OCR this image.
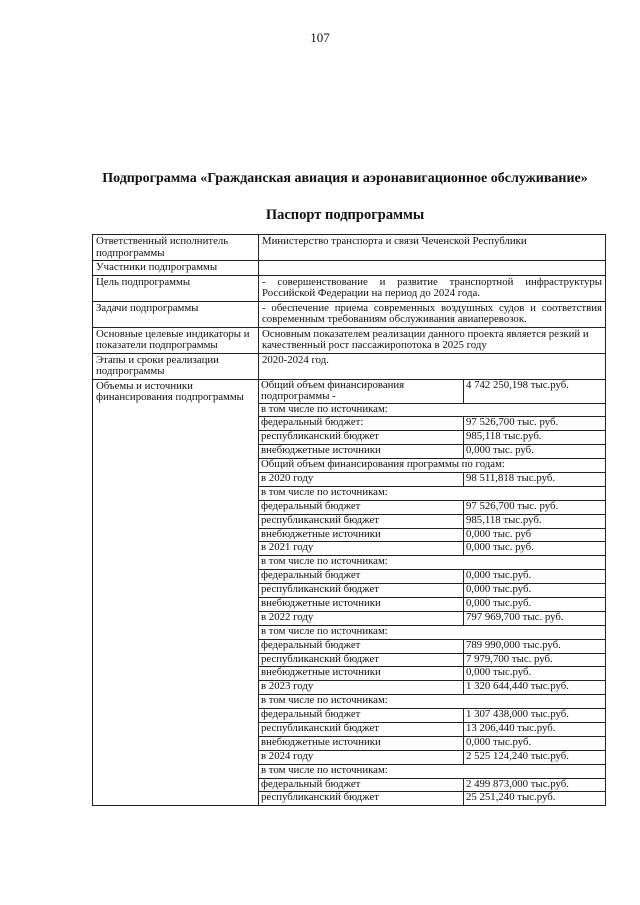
107
Подпрограмма «Гражданская авиация и аэронавигационное обслуживание»
Паспорт подпрограммы
Ответственный исполнитель подпрограммы	Министерство транспорта и связи Чеченской Республики
Участники подпрограммы	
Цель подпрограммы	- совершенствование и развитие транспортной инфраструктуры Российской Федерации на период до 2024 года.
Задачи подпрограммы	- обеспечение приема современных воздушных судов и соответствия современным требованиям обслуживания авиаперевозок.
Основные целевые индикаторы и показатели подпрограммы	Основным показателем реализации данного проекта является резкий и качественный рост пассажиропотока в 2025 году
Этапы и сроки реализации подпрограммы	2020-2024 год.
Объемы и источники финансирования подпрограммы	
Общий объем финансирования подпрограммы -	4 742 250,198 тыс.руб.
в том числе по источникам:
федеральный бюджет:	97 526,700 тыс. руб.
республиканский бюджет	985,118 тыс.руб.
внебюджетные источники	0,000 тыс. руб.
Общий объем финансирования программы по годам:
в 2020 году	98 511,818 тыс.руб.
в том числе по источникам:
федеральный бюджет	97 526,700 тыс. руб.
республиканский бюджет	985,118 тыс.руб.
внебюджетные источники	0,000 тыс. руб
в 2021 году	0,000 тыс. руб.
в том числе по источникам:
федеральный бюджет	0,000 тыс.руб.
республиканский бюджет	0,000 тыс.руб.
внебюджетные источники	0,000 тыс.руб.
в 2022 году	797 969,700 тыс. руб.
в том числе по источникам:
федеральный бюджет	789 990,000 тыс.руб.
республиканский бюджет	7 979,700 тыс. руб.
внебюджетные источники	0,000 тыс.руб.
в 2023 году	1 320 644,440 тыс.руб.
в том числе по источникам:
федеральный бюджет	1 307 438,000 тыс.руб.
республиканский бюджет	13 206,440 тыс.руб.
внебюджетные источники	0,000 тыс.руб.
в 2024 году	2 525 124,240 тыс.руб.
в том числе по источникам:
федеральный бюджет	2 499 873,000 тыс.руб.
республиканский бюджет	25 251,240 тыс.руб.
